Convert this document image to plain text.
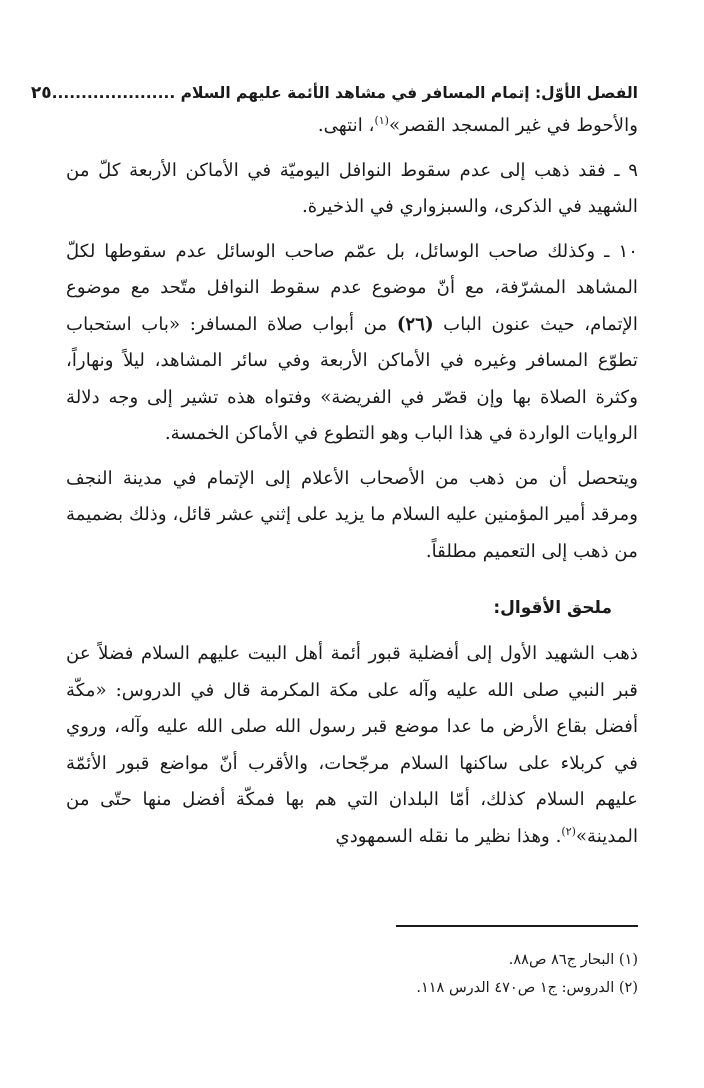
الفصل الأوّل: إتمام المسافر في مشاهد الأئمة عليهم السلام .....................
٢٥

والأحوط في غير المسجد القصر»$^{(١)}$، انتهى.

٩ ـ فقد ذهب إلى عدم سقوط النوافل اليوميّة في الأماكن الأربعة كلّ من الشهيد في الذكرى، والسبزواري في الذخيرة.

١٠ ـ وكذلك صاحب الوسائل، بل عمّم صاحب الوسائل عدم سقوطها لكلّ المشاهد المشرّفة، مع أنّ موضوع عدم سقوط النوافل متّحد مع موضوع الإتمام، حيث عنون الباب (٢٦) من أبواب صلاة المسافر: «باب استحباب تطوّع المسافر وغيره في الأماكن الأربعة وفي سائر المشاهد، ليلاً ونهاراً، وكثرة الصلاة بها وإن قصّر في الفريضة» وفتواه هذه تشير إلى وجه دلالة الروايات الواردة في هذا الباب وهو التطوع في الأماكن الخمسة.

ويتحصل أن من ذهب من الأصحاب الأعلام إلى الإتمام في مدينة النجف ومرقد أمير المؤمنين عليه السلام ما يزيد على إثني عشر قائل، وذلك بضميمة من ذهب إلى التعميم مطلقاً.

ملحق الأقوال:

ذهب الشهيد الأول إلى أفضلية قبور أئمة أهل البيت عليهم السلام فضلاً عن قبر النبي صلى الله عليه وآله على مكة المكرمة قال في الدروس: «مكّة أفضل بقاع الأرض ما عدا موضع قبر رسول الله صلى الله عليه وآله، وروي في كربلاء على ساكنها السلام مرجّحات، والأقرب أنّ مواضع قبور الأئمّة عليهم السلام كذلك، أمّا البلدان التي هم بها فمكّة أفضل منها حتّى من المدينة»$^{(٢)}$. وهذا نظير ما نقله السمهودي

(١) البحار ج٨٦ ص٨٨.

(٢) الدروس: ج١ ص٤٧٠ الدرس ١١٨.
